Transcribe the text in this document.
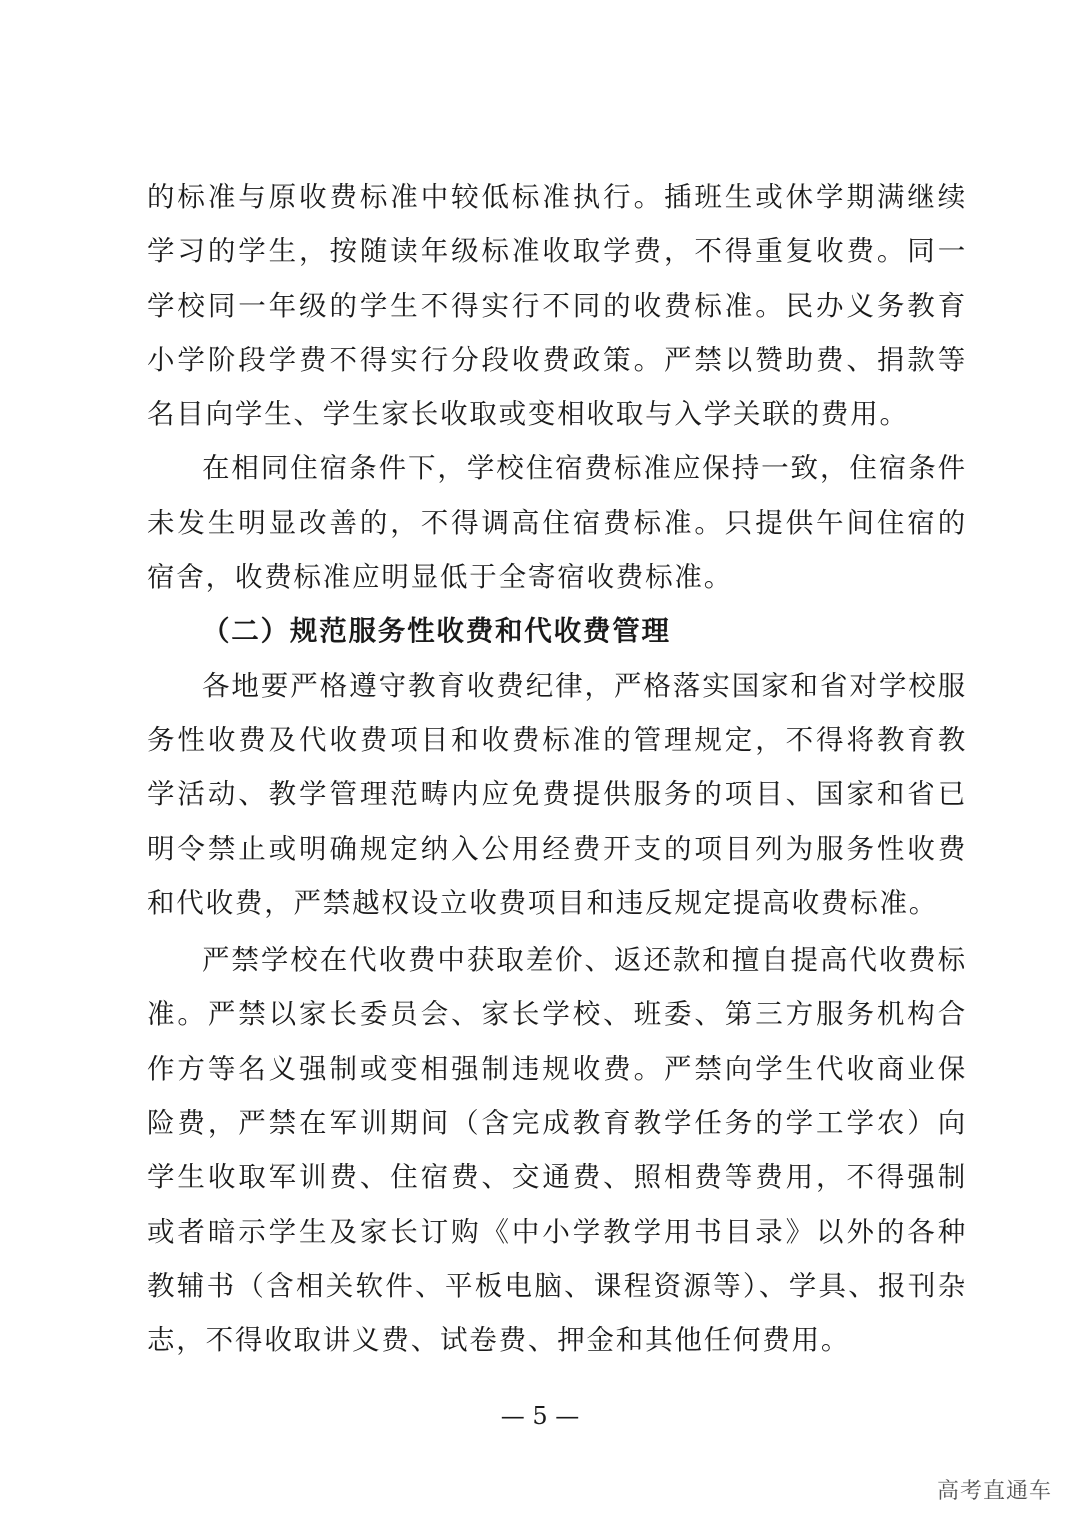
的标准与原收费标准中较低标准执行。插班生或休学期满继续学习的学生，按随读年级标准收取学费，不得重复收费。同一学校同一年级的学生不得实行不同的收费标准。民办义务教育小学阶段学费不得实行分段收费政策。严禁以赞助费、捐款等名目向学生、学生家长收取或变相收取与入学关联的费用。

在相同住宿条件下，学校住宿费标准应保持一致，住宿条件未发生明显改善的，不得调高住宿费标准。只提供午间住宿的宿舍，收费标准应明显低于全寄宿收费标准。

（二）规范服务性收费和代收费管理

各地要严格遵守教育收费纪律，严格落实国家和省对学校服务性收费及代收费项目和收费标准的管理规定，不得将教育教学活动、教学管理范畴内应免费提供服务的项目、国家和省已明令禁止或明确规定纳入公用经费开支的项目列为服务性收费和代收费，严禁越权设立收费项目和违反规定提高收费标准。

严禁学校在代收费中获取差价、返还款和擅自提高代收费标准。严禁以家长委员会、家长学校、班委、第三方服务机构合作方等名义强制或变相强制违规收费。严禁向学生代收商业保险费，严禁在军训期间（含完成教育教学任务的学工学农）向学生收取军训费、住宿费、交通费、照相费等费用，不得强制或者暗示学生及家长订购《中小学教学用书目录》以外的各种教辅书（含相关软件、平板电脑、课程资源等）、学具、报刊杂志，不得收取讲义费、试卷费、押金和其他任何费用。

— 5 —
高考直通车
